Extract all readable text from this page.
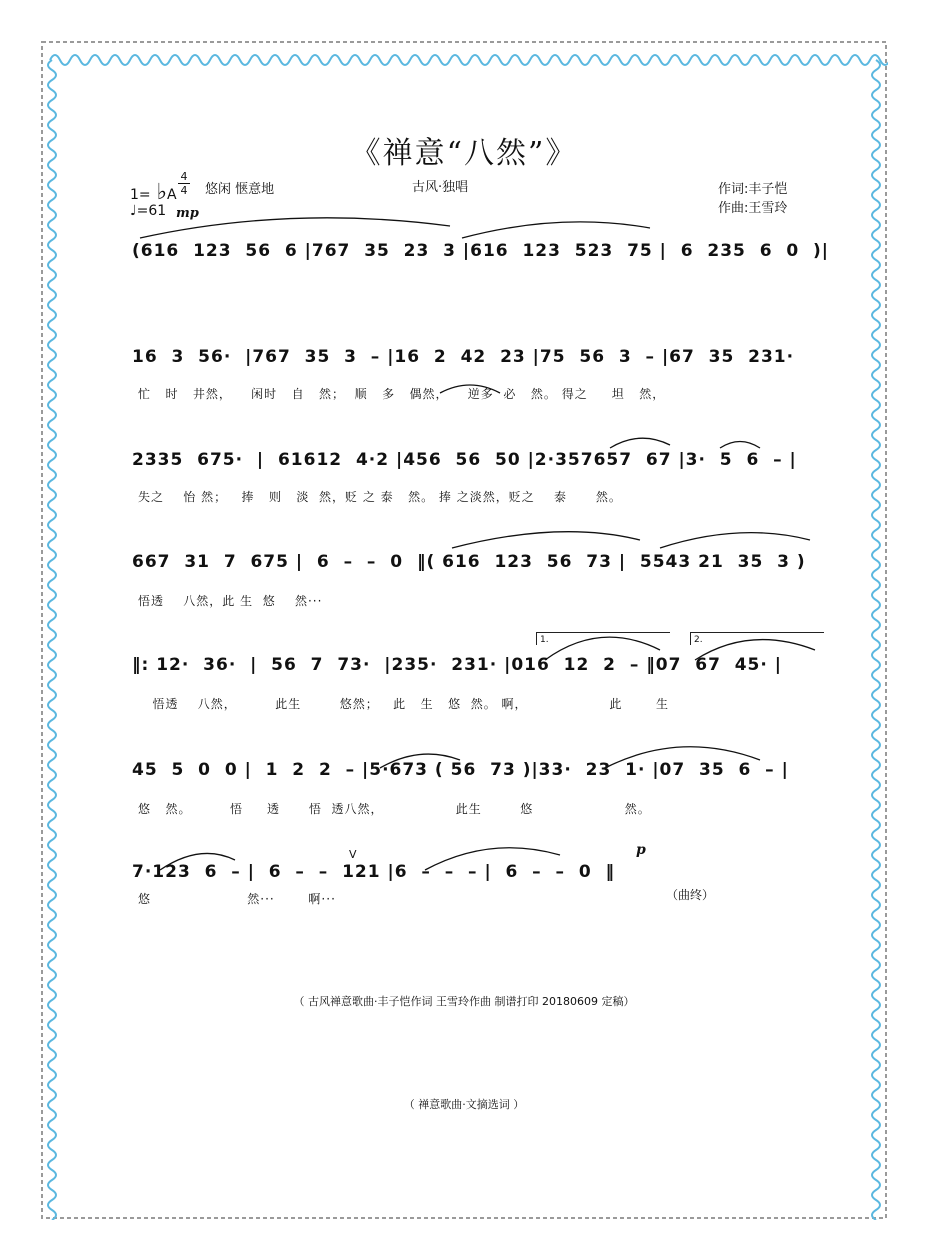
《禅意“八然”》
1= ♭A
4
4 悠闲 惬意地
♩=61 mp
古风·独唱	作词:丰子恺
作曲:王雪玲
(616  123  56  6 |767  35  23  3 |616  123  523  75 |  6  235  6  0  )|
16  3  56·  |767  35  3  – |16  2  42  23 |75  56  3  – |67  35  231·
忙   时   井然，    闲时   自   然；  顺   多   偶然，    逆多  必   然。 得之     坦   然，
2335  675·  |  61612  4·2 |456  56  50 |2·357657  67 |3·  5  6  – |
失之    怡 然；   捧   则   淡  然，贬 之 泰   然。 捧 之淡然，贬之    泰      然。
667  31  7  675 |  6  –  –  0  ‖( 616  123  56  73 |  5543 21  35  3 )
悟透    八然，此 生  悠    然···
1.	2.
‖: 12·  36·  |  56  7  73·  |235·  231· |016  12  2  – ‖07  67  45· |
悟透    八然，        此生        悠然；   此   生   悠  然。 啊，                 此       生
45  5  0  0 |  1  2  2  – |5·673 ( 56  73 )|33·  23  1· |07  35  6  – |
悠   然。        悟     透      悟  透八然，               此生        悠                   然。
V	p
7·123  6  – |  6  –  –  121 |6  –  –  – |  6  –  –  0  ‖
悠                    然···       啊···	（曲终）
（ 古风禅意歌曲·丰子恺作词 王雪玲作曲 制谱打印 20180609 定稿）
（ 禅意歌曲·文摘选词 ）
